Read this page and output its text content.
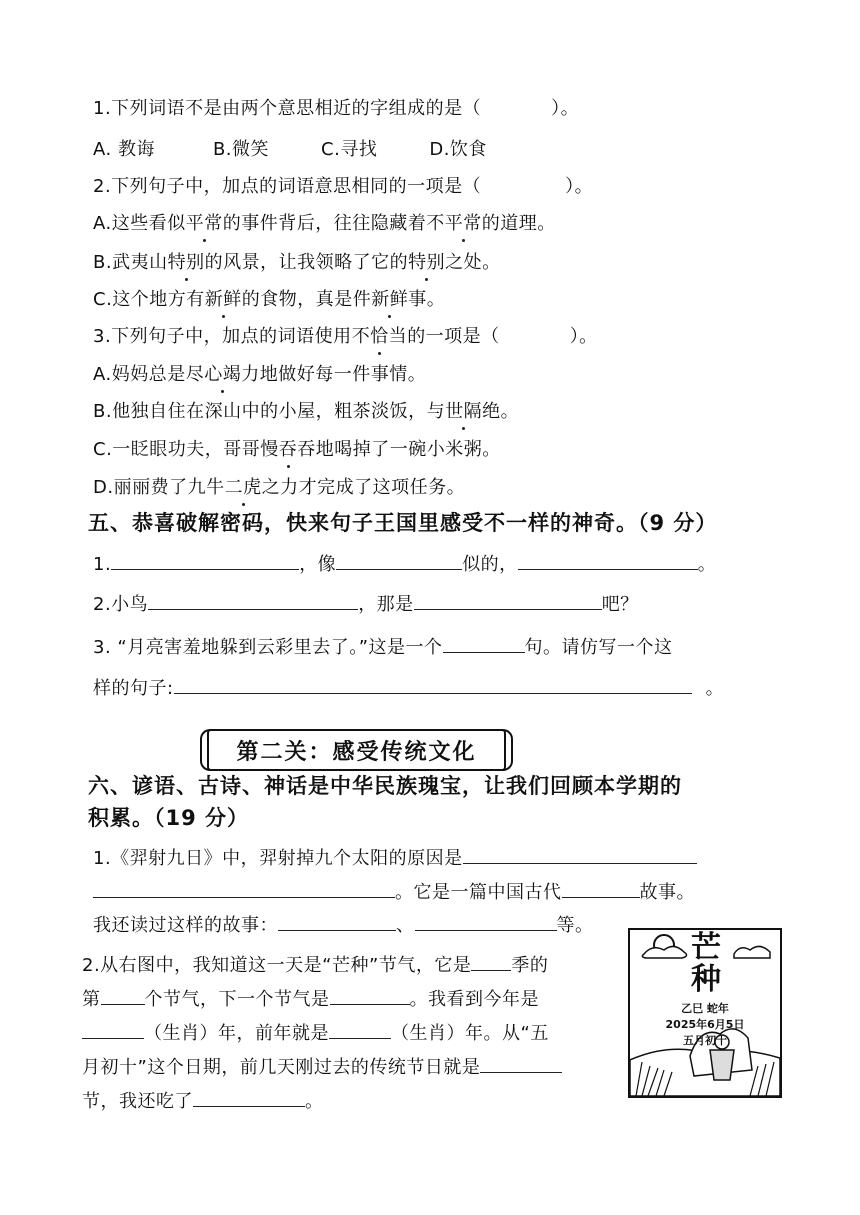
1.下列词语不是由两个意思相近的字组成的是（	）。
A. 教诲	B.微笑	C.寻找	D.饮食
2.下列句子中，加点的词语意思相同的一项是（	）。
A.这些看似平常的事件背后，往往隐藏着不平常的道理。
B.武夷山特别的风景，让我领略了它的特别之处。
C.这个地方有新鲜的食物，真是件新鲜事。
3.下列句子中，加点的词语使用不恰当的一项是（	）。
A.妈妈总是尽心竭力地做好每一件事情。
B.他独自住在深山中的小屋，粗茶淡饭，与世隔绝。
C.一眨眼功夫，哥哥慢吞吞地喝掉了一碗小米粥。
D.丽丽费了九牛二虎之力才完成了这项任务。
五、恭喜破解密码，快来句子王国里感受不一样的神奇。（9 分）
1.	，像	似的，	。
2.小鸟	，那是	吧？
3. “月亮害羞地躲到云彩里去了。”这是一个	句。请仿写一个这
样的句子:	。
第二关：感受传统文化
六、谚语、古诗、神话是中华民族瑰宝，让我们回顾本学期的
积累。（19 分）
1.《羿射九日》中，羿射掉九个太阳的原因是
。它是一篇中国古代	故事。
我还读过这样的故事：	、	等。
2.从右图中，我知道这一天是“芒种”节气，它是 季的
第 个节气，下一个节气是	。我看到今年是
（生肖）年，前年就是	（生肖）年。从“五
月初十”这个日期，前几天刚过去的传统节日就是
节，我还吃了	。
芒种
乙巳 蛇年
2025年6月5日
五月初十
